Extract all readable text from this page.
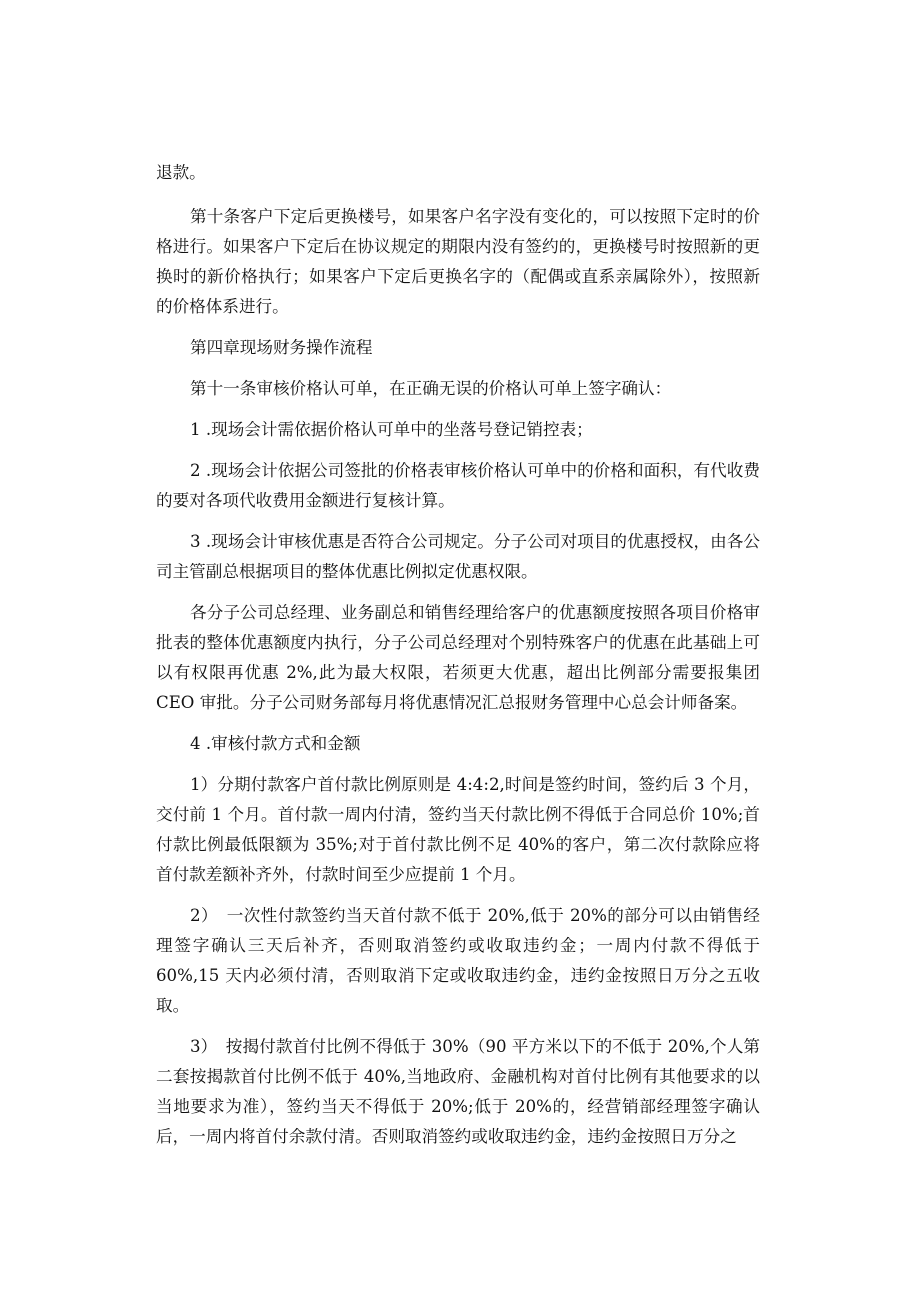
退款。

第十条客户下定后更换楼号，如果客户名字没有变化的，可以按照下定时的价格进行。如果客户下定后在协议规定的期限内没有签约的，更换楼号时按照新的更换时的新价格执行；如果客户下定后更换名字的（配偶或直系亲属除外），按照新的价格体系进行。

第四章现场财务操作流程

第十一条审核价格认可单，在正确无误的价格认可单上签字确认：

1 .现场会计需依据价格认可单中的坐落号登记销控表；

2 .现场会计依据公司签批的价格表审核价格认可单中的价格和面积，有代收费的要对各项代收费用金额进行复核计算。

3 .现场会计审核优惠是否符合公司规定。分子公司对项目的优惠授权，由各公司主管副总根据项目的整体优惠比例拟定优惠权限。

各分子公司总经理、业务副总和销售经理给客户的优惠额度按照各项目价格审批表的整体优惠额度内执行，分子公司总经理对个别特殊客户的优惠在此基础上可以有权限再优惠 2%,此为最大权限，若须更大优惠，超出比例部分需要报集团 CEO 审批。分子公司财务部每月将优惠情况汇总报财务管理中心总会计师备案。

4 .审核付款方式和金额

1）分期付款客户首付款比例原则是 4:4:2,时间是签约时间，签约后 3 个月，交付前 1 个月。首付款一周内付清，签约当天付款比例不得低于合同总价 10%;首付款比例最低限额为 35%;对于首付款比例不足 40%的客户，第二次付款除应将首付款差额补齐外，付款时间至少应提前 1 个月。

2）　一次性付款签约当天首付款不低于 20%,低于 20%的部分可以由销售经理签字确认三天后补齐，否则取消签约或收取违约金；一周内付款不得低于 60%,15 天内必须付清，否则取消下定或收取违约金，违约金按照日万分之五收取。

3）　按揭付款首付比例不得低于 30%（90 平方米以下的不低于 20%,个人第二套按揭款首付比例不低于 40%,当地政府、金融机构对首付比例有其他要求的以当地要求为准），签约当天不得低于 20%;低于 20%的，经营销部经理签字确认后，一周内将首付余款付清。否则取消签约或收取违约金，违约金按照日万分之
